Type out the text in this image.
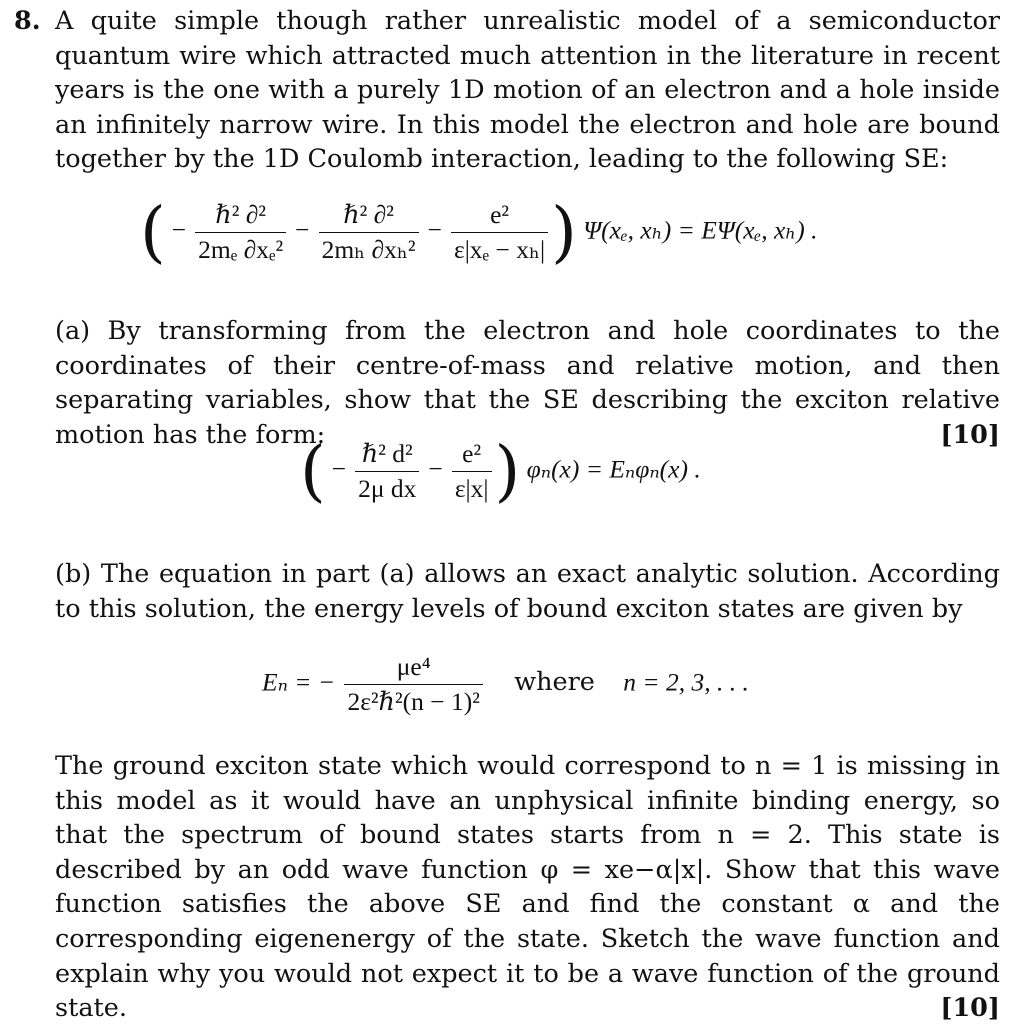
8. A quite simple though rather unrealistic model of a semiconductor quantum wire which attracted much attention in the literature in recent years is the one with a purely 1D motion of an electron and a hole inside an infinitely narrow wire. In this model the electron and hole are bound together by the 1D Coulomb interaction, leading to the following SE:
( − $\frac{\text{ℏ² ∂²}}{\text{2mₑ ∂xₑ²}} - \frac{\text{ℏ² ∂²}}{\text{2mₕ ∂xₕ²}} - \frac{\text{e²}}{\text{ε|xₑ − xₕ|}}$ ) Ψ(xₑ, xₕ) = EΨ(xₑ, xₕ) .
(a) By transforming from the electron and hole coordinates to the coordinates of their centre-of-mass and relative motion, and then separating variables, show that the SE describing the exciton relative motion has the form:	[10]
( − $\frac{\text{ℏ² d²}}{\text{2μ dx}} - \frac{\text{e²}}{\varepsilon|x|}$ ) φₙ(x) = Eₙφₙ(x) .
(b) The equation in part (a) allows an exact analytic solution. According to this solution, the energy levels of bound exciton states are given by
Eₙ = − $\frac{\text{μe⁴}}{\text{2ε²ℏ²(n − 1)²}}$ where n = 2, 3, . . .
The ground exciton state which would correspond to n = 1 is missing in this model as it would have an unphysical infinite binding energy, so that the spectrum of bound states starts from n = 2. This state is described by an odd wave function φ = xe−α|x|. Show that this wave function satisfies the above SE and find the constant α and the corresponding eigenenergy of the state. Sketch the wave function and explain why you would not expect it to be a wave function of the ground state.	[10]
